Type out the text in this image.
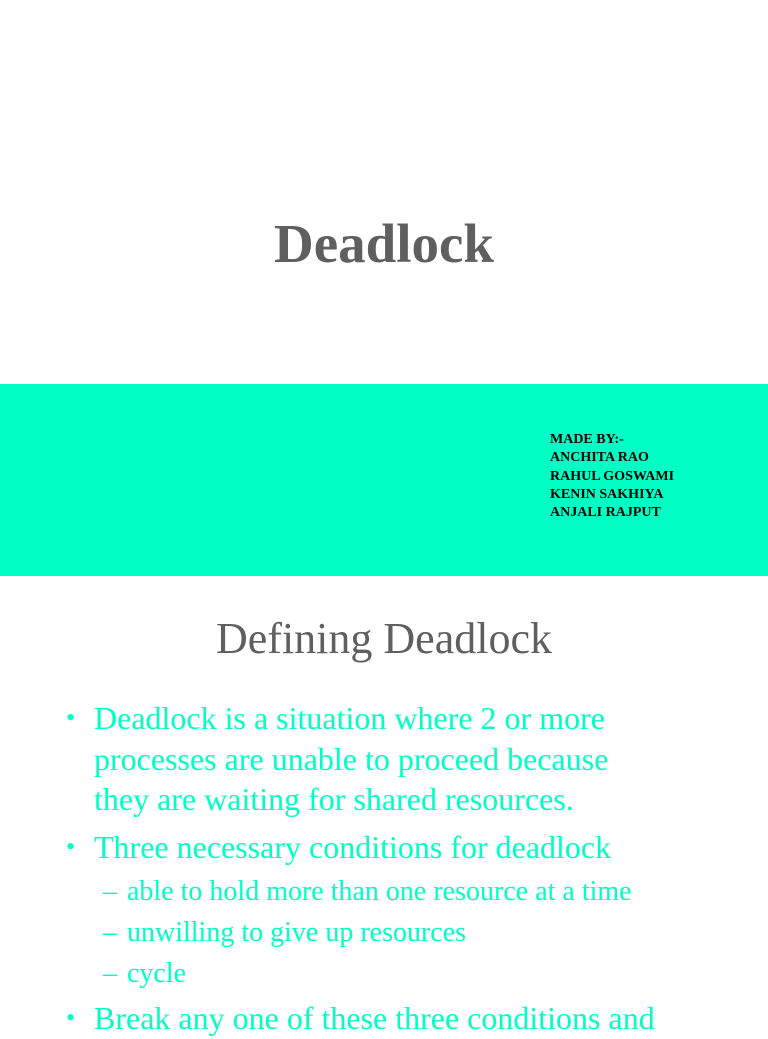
Deadlock
MADE BY:-
ANCHITA RAO
RAHUL GOSWAMI
KENIN SAKHIYA
ANJALI RAJPUT
Defining Deadlock
• Deadlock is a situation where 2 or more
processes are unable to proceed because
they are waiting for shared resources.
• Three necessary conditions for deadlock
– able to hold more than one resource at a time
– unwilling to give up resources
– cycle
• Break any one of these three conditions and
